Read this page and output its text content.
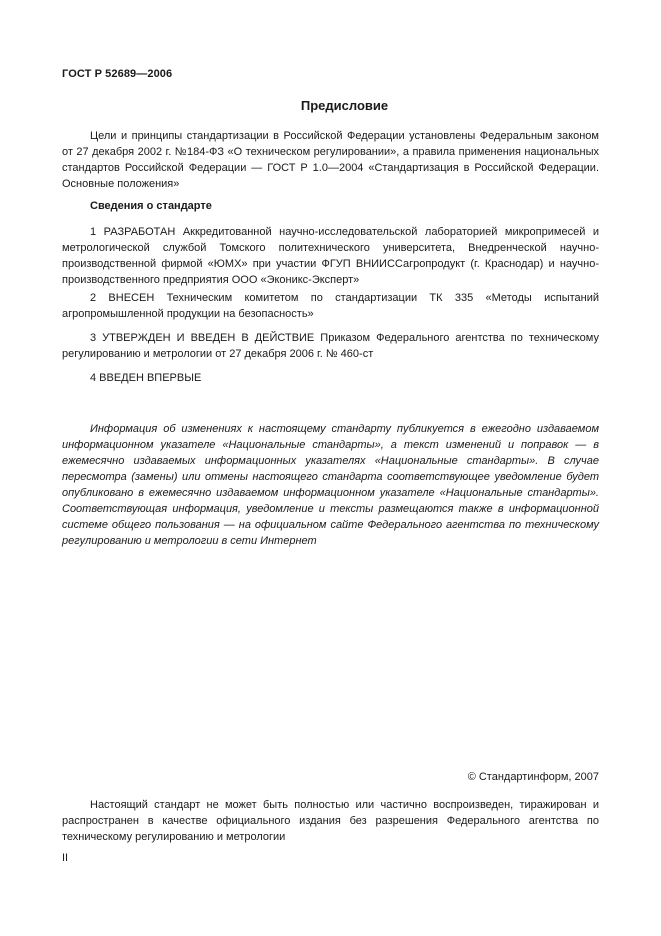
ГОСТ Р 52689—2006
Предисловие

Цели и принципы стандартизации в Российской Федерации установлены Федеральным законом от 27 декабря 2002 г. №184-ФЗ «О техническом регулировании», а правила применения национальных стандартов Российской Федерации — ГОСТ Р 1.0—2004 «Стандартизация в Российской Федерации. Основные положения»

Сведения о стандарте

1 РАЗРАБОТАН Аккредитованной научно-исследовательской лабораторией микропримесей и метрологической службой Томского политехнического университета, Внедренческой научно-производственной фирмой «ЮМХ» при участии ФГУП ВНИИССагропродукт (г. Краснодар) и научно-производственного предприятия ООО «Эконикс-Эксперт»

2 ВНЕСЕН Техническим комитетом по стандартизации ТК 335 «Методы испытаний агропромышленной продукции на безопасность»

3 УТВЕРЖДЕН И ВВЕДЕН В ДЕЙСТВИЕ Приказом Федерального агентства по техническому регулированию и метрологии от 27 декабря 2006 г. № 460-ст

4 ВВЕДЕН ВПЕРВЫЕ

Информация об изменениях к настоящему стандарту публикуется в ежегодно издаваемом информационном указателе «Национальные стандарты», а текст изменений и поправок — в ежемесячно издаваемых информационных указателях «Национальные стандарты». В случае пересмотра (замены) или отмены настоящего стандарта соответствующее уведомление будет опубликовано в ежемесячно издаваемом информационном указателе «Национальные стандарты». Соответствующая информация, уведомление и тексты размещаются также в информационной системе общего пользования — на официальном сайте Федерального агентства по техническому регулированию и метрологии в сети Интернет

© Стандартинформ, 2007

Настоящий стандарт не может быть полностью или частично воспроизведен, тиражирован и распространен в качестве официального издания без разрешения Федерального агентства по техническому регулированию и метрологии

II
